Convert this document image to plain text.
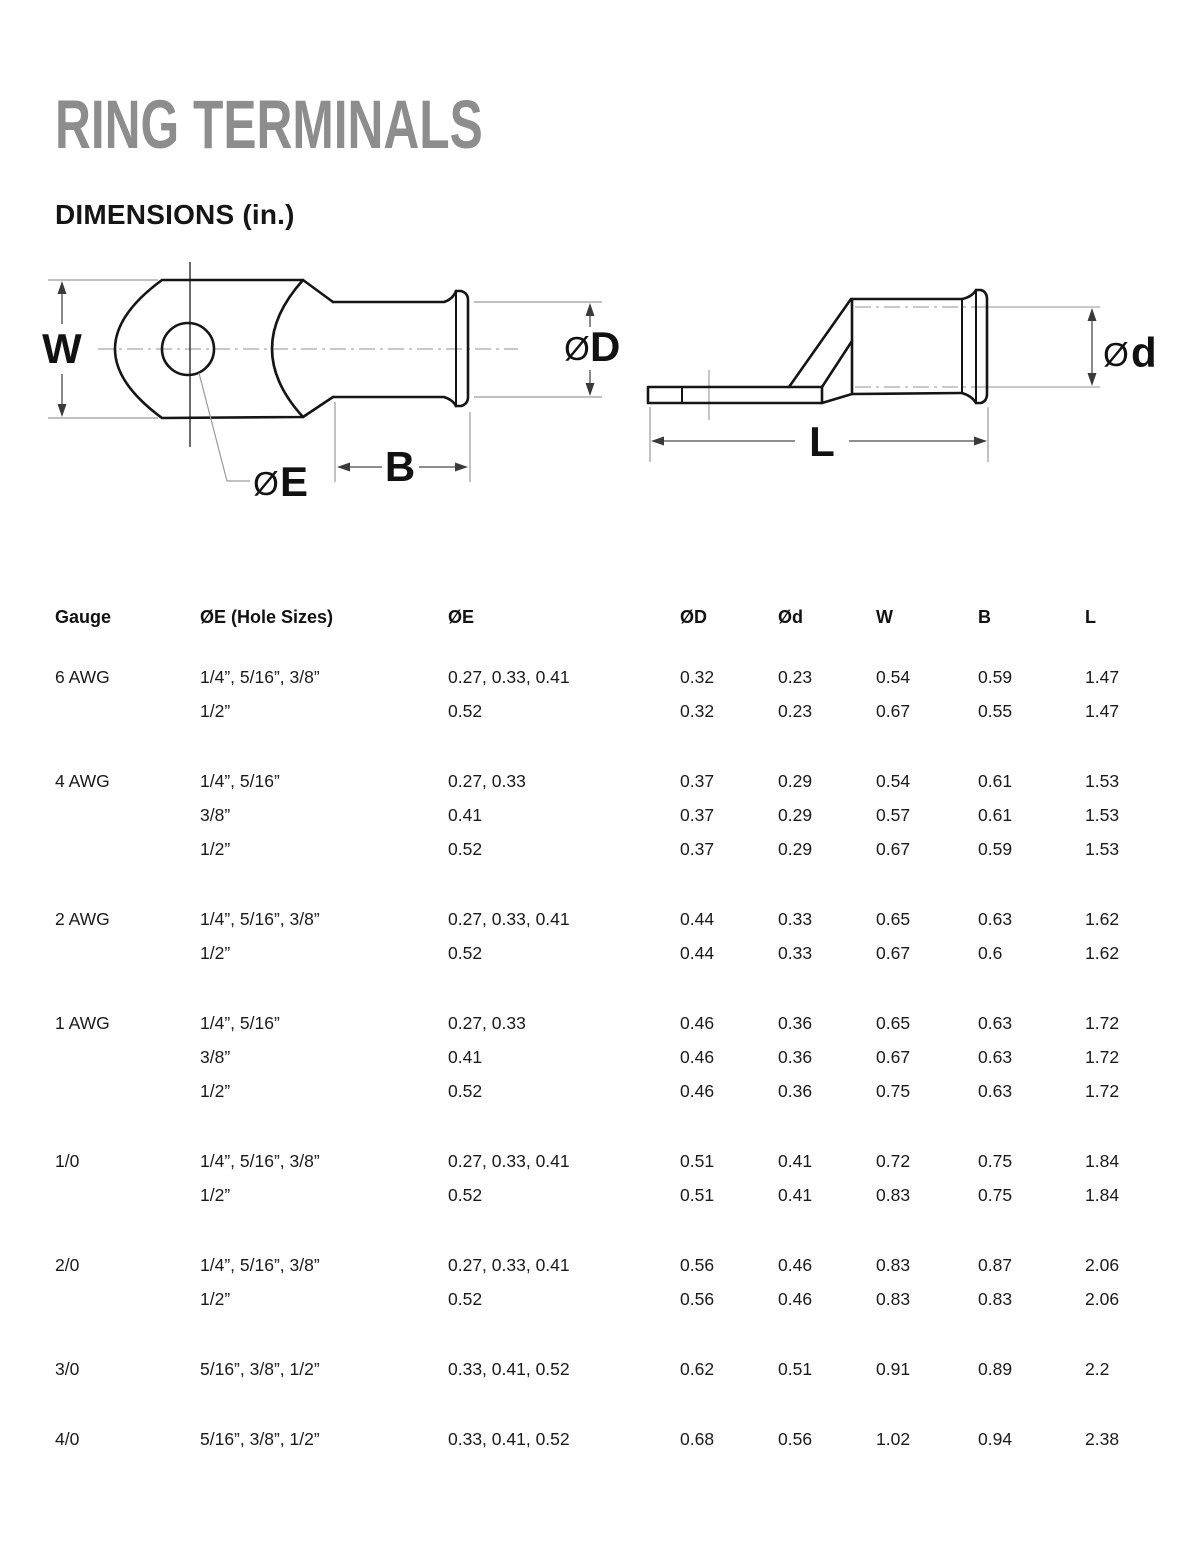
RING TERMINALS
DIMENSIONS (in.)
W	Ø D
Ø E B
Ø d
L
Gauge	ØE (Hole Sizes)	ØE	ØD	Ød	W	B	L
6 AWG	1/4”, 5/16”, 3/8”	0.27, 0.33, 0.41	0.32	0.23	0.54	0.59	1.47
1/2”	0.52	0.32	0.23	0.67	0.55	1.47
4 AWG	1/4”, 5/16”	0.27, 0.33	0.37	0.29	0.54	0.61	1.53
3/8”	0.41	0.37	0.29	0.57	0.61	1.53
1/2”	0.52	0.37	0.29	0.67	0.59	1.53
2 AWG	1/4”, 5/16”, 3/8”	0.27, 0.33, 0.41	0.44	0.33	0.65	0.63	1.62
1/2”	0.52	0.44	0.33	0.67	0.6	1.62
1 AWG	1/4”, 5/16”	0.27, 0.33	0.46	0.36	0.65	0.63	1.72
3/8”	0.41	0.46	0.36	0.67	0.63	1.72
1/2”	0.52	0.46	0.36	0.75	0.63	1.72
1/0	1/4”, 5/16”, 3/8”	0.27, 0.33, 0.41	0.51	0.41	0.72	0.75	1.84
1/2”	0.52	0.51	0.41	0.83	0.75	1.84
2/0	1/4”, 5/16”, 3/8”	0.27, 0.33, 0.41	0.56	0.46	0.83	0.87	2.06
1/2”	0.52	0.56	0.46	0.83	0.83	2.06
3/0	5/16”, 3/8”, 1/2”	0.33, 0.41, 0.52	0.62	0.51	0.91	0.89	2.2
4/0	5/16”, 3/8”, 1/2”	0.33, 0.41, 0.52	0.68	0.56	1.02	0.94	2.38
